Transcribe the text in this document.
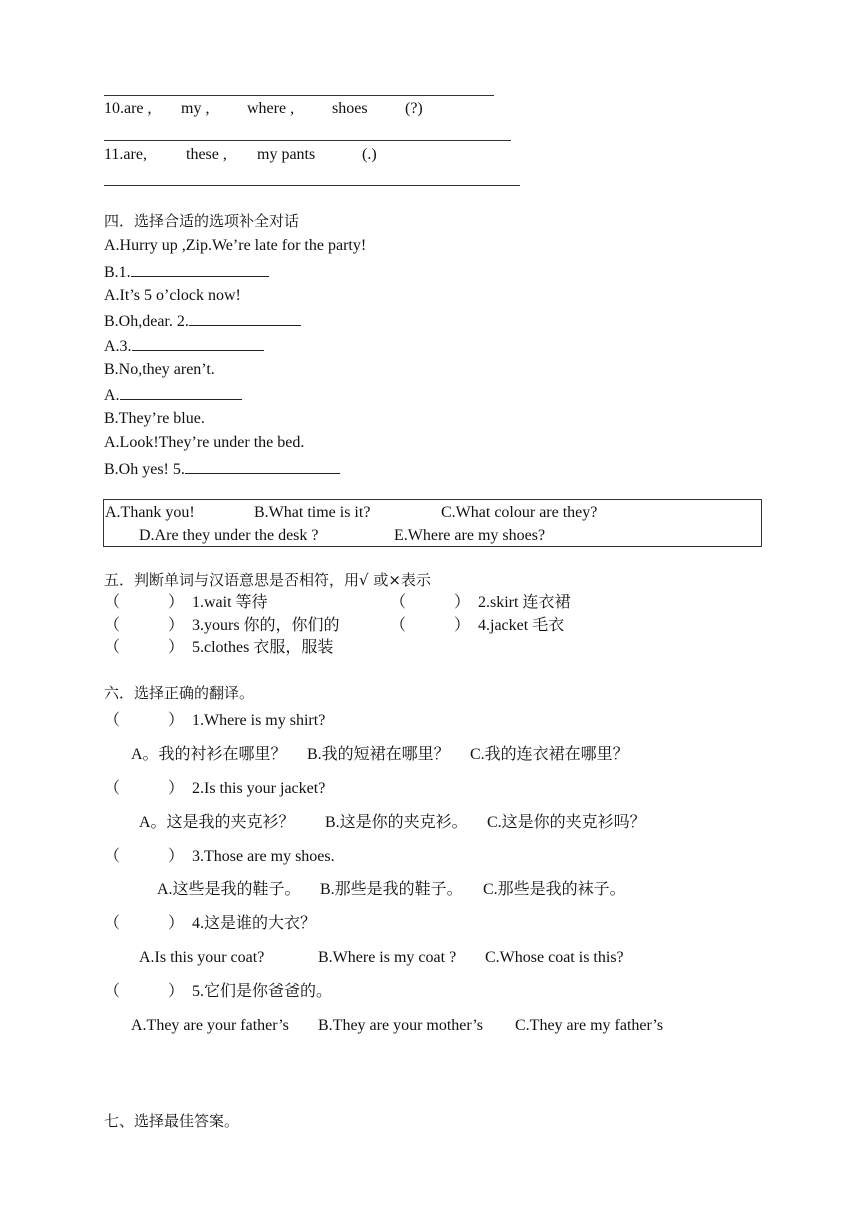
10.are , my , where , shoes (?)
11.are, these , my pants	(.)
四．选择合适的选项补全对话
A.Hurry up ,Zip.We’re late for the party!
B.1.
A.It’s 5 o’clock now!
B.Oh,dear. 2.
A.3.
B.No,they aren’t.
A.
B.They’re blue.
A.Look!They’re under the bed.
B.Oh yes! 5.
A.Thank you!	B.What time is it?	C.What colour are they?
D.Are they under the desk ?	E.Where are my shoes?
五．判断单词与汉语意思是否相符，用√ 或×表示
（　　　） 1.wait 等待	（　　　） 2.skirt 连衣裙
（　　　） 3.yours 你的，你们的	（　　　） 4.jacket 毛衣
（　　　） 5.clothes 衣服，服装
六．选择正确的翻译。
（　　　） 1.Where is my shirt?
A。我的衬衫在哪里？ B.我的短裙在哪里？ C.我的连衣裙在哪里？
（　　　） 2.Is this your jacket?
A。这是我的夹克衫？ B.这是你的夹克衫。 C.这是你的夹克衫吗？
（　　　） 3.Those are my shoes.
A.这些是我的鞋子。 B.那些是我的鞋子。 C.那些是我的袜子。
（　　　） 4.这是谁的大衣？
A.Is this your coat?	B.Where is my coat ? C.Whose coat is this?
（　　　） 5.它们是你爸爸的。
A.They are your father’s B.They are your mother’s C.They are my father’s
七、选择最佳答案。
